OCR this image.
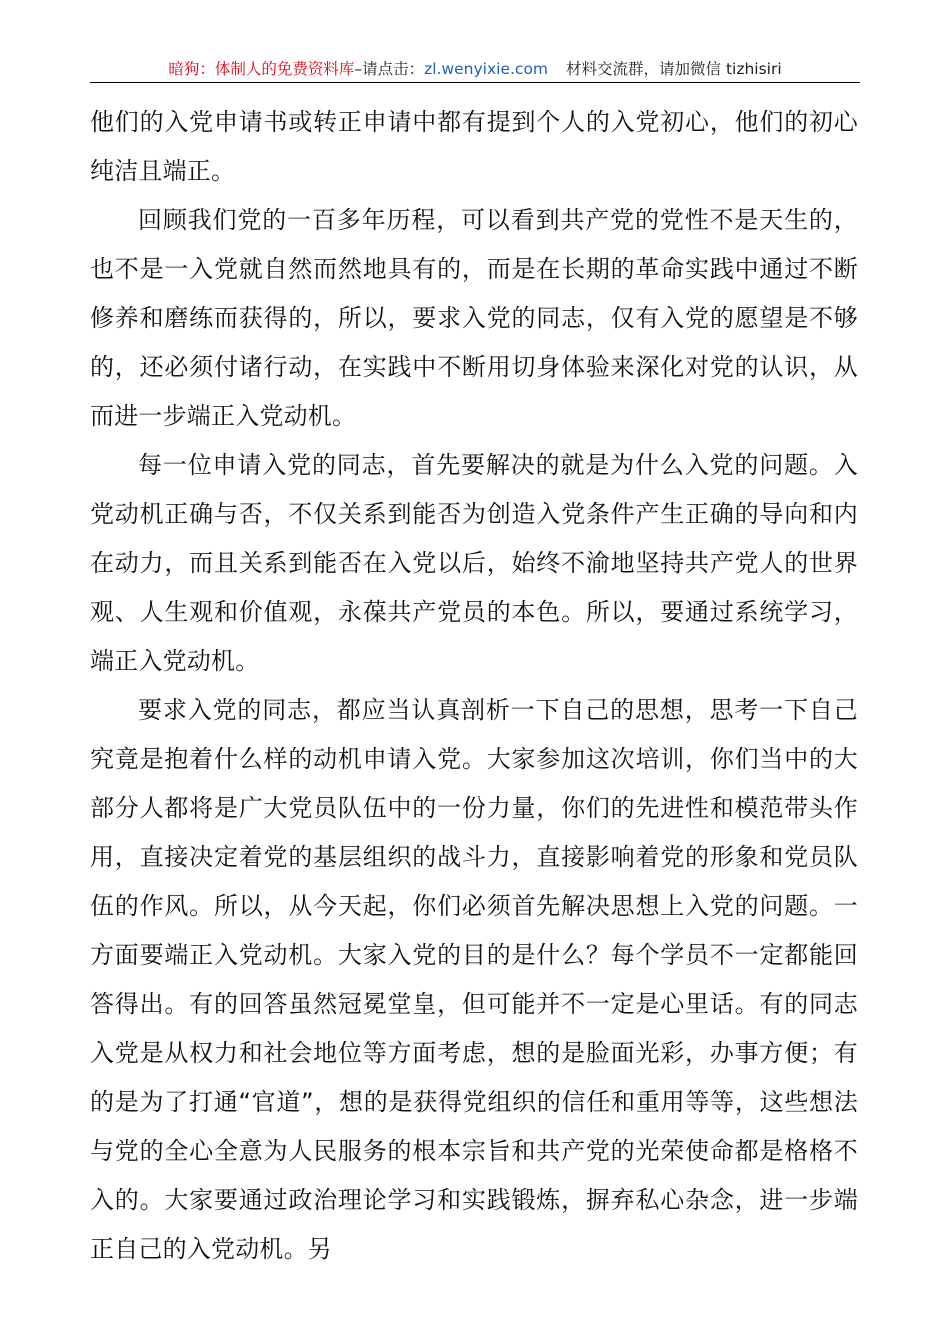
暗狗：体制人的免费资料库–请点击：zl.wenyixie.com 材料交流群，请加微信 tizhisiri

他们的入党申请书或转正申请中都有提到个人的入党初心，他们的初心纯洁且端正。

回顾我们党的一百多年历程，可以看到共产党的党性不是天生的，也不是一入党就自然而然地具有的，而是在长期的革命实践中通过不断修养和磨练而获得的，所以，要求入党的同志，仅有入党的愿望是不够的，还必须付诸行动，在实践中不断用切身体验来深化对党的认识，从而进一步端正入党动机。

每一位申请入党的同志，首先要解决的就是为什么入党的问题。入党动机正确与否，不仅关系到能否为创造入党条件产生正确的导向和内在动力，而且关系到能否在入党以后，始终不渝地坚持共产党人的世界观、人生观和价值观，永葆共产党员的本色。所以，要通过系统学习，端正入党动机。

要求入党的同志，都应当认真剖析一下自己的思想，思考一下自己究竟是抱着什么样的动机申请入党。大家参加这次培训，你们当中的大部分人都将是广大党员队伍中的一份力量，你们的先进性和模范带头作用，直接决定着党的基层组织的战斗力，直接影响着党的形象和党员队伍的作风。所以，从今天起，你们必须首先解决思想上入党的问题。一方面要端正入党动机。大家入党的目的是什么？每个学员不一定都能回答得出。有的回答虽然冠冕堂皇，但可能并不一定是心里话。有的同志入党是从权力和社会地位等方面考虑，想的是脸面光彩，办事方便；有的是为了打通“官道”，想的是获得党组织的信任和重用等等，这些想法与党的全心全意为人民服务的根本宗旨和共产党的光荣使命都是格格不入的。大家要通过政治理论学习和实践锻炼，摒弃私心杂念，进一步端正自己的入党动机。另
